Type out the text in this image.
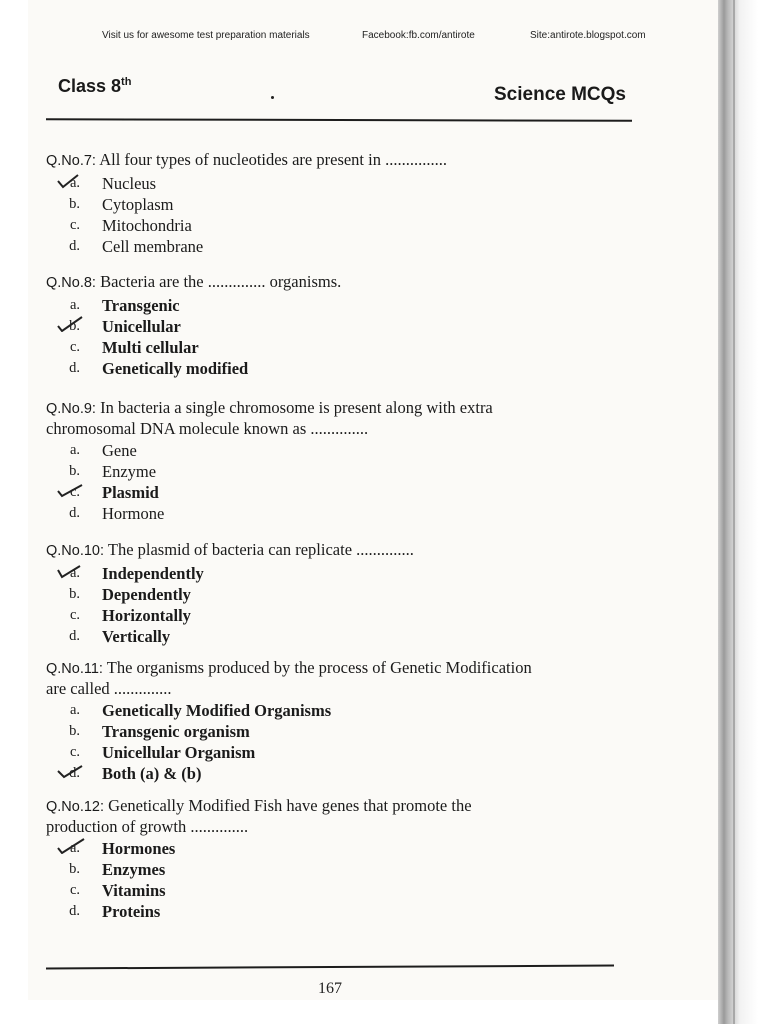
Visit us for awesome test preparation materials	Facebook:fb.com/antirote	Site:antirote.blogspot.com
Class 8th
Science MCQs

Q.No.7: All four types of nucleotides are present in ...............

a.	Nucleus
b.	Cytoplasm
c.	Mitochondria
d.	Cell membrane

Q.No.8: Bacteria are the .............. organisms.

a.	Transgenic
b.	Unicellular
c.	Multi cellular
d.	Genetically modified

Q.No.9: In bacteria a single chromosome is present along with extra
chromosomal DNA molecule known as ..............

a.	Gene
b.	Enzyme
c.	Plasmid
d.	Hormone

Q.No.10: The plasmid of bacteria can replicate ..............

a.	Independently
b.	Dependently
c.	Horizontally
d.	Vertically

Q.No.11: The organisms produced by the process of Genetic Modification
are called ..............

a.	Genetically Modified Organisms
b.	Transgenic organism
c.	Unicellular Organism
d.	Both (a) & (b)

Q.No.12: Genetically Modified Fish have genes that promote the
production of growth ..............

a.	Hormones
b.	Enzymes
c.	Vitamins
d.	Proteins
167
